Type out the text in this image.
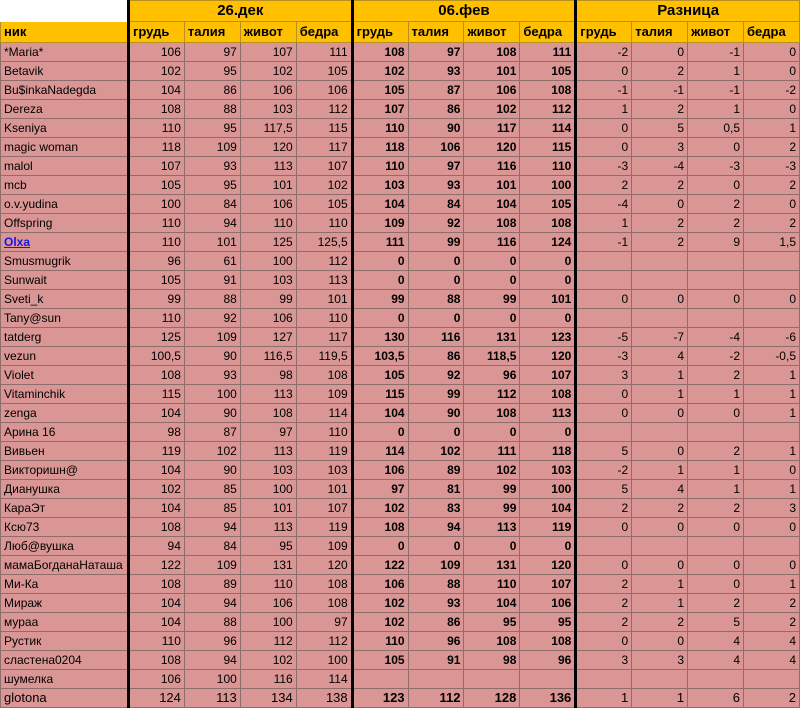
	26.дек				06.фев				Разница			
ник	грудь	талия	живот	бедра	грудь	талия	живот	бедра	грудь	талия	живот	бедра
*Maria*	106	97	107	111	108	97	108	111	-2	0	-1	0
Betavik	102	95	102	105	102	93	101	105	0	2	1	0
Bu$inkaNadegda	104	86	106	106	105	87	106	108	-1	-1	-1	-2
Dereza	108	88	103	112	107	86	102	112	1	2	1	0
Kseniya	110	95	117,5	115	110	90	117	114	0	5	0,5	1
magic woman	118	109	120	117	118	106	120	115	0	3	0	2
malol	107	93	113	107	110	97	116	110	-3	-4	-3	-3
mcb	105	95	101	102	103	93	101	100	2	2	0	2
o.v.yudina	100	84	106	105	104	84	104	105	-4	0	2	0
Offspring	110	94	110	110	109	92	108	108	1	2	2	2
Olxa	110	101	125	125,5	111	99	116	124	-1	2	9	1,5
Smusmugrik	96	61	100	112	0	0	0	0				
Sunwait	105	91	103	113	0	0	0	0				
Sveti_k	99	88	99	101	99	88	99	101	0	0	0	0
Tany@sun	110	92	106	110	0	0	0	0				
tatderg	125	109	127	117	130	116	131	123	-5	-7	-4	-6
vezun	100,5	90	116,5	119,5	103,5	86	118,5	120	-3	4	-2	-0,5
Violet	108	93	98	108	105	92	96	107	3	1	2	1
Vitaminchik	115	100	113	109	115	99	112	108	0	1	1	1
zenga	104	90	108	114	104	90	108	113	0	0	0	1
Арина 16	98	87	97	110	0	0	0	0				
Вивьен	119	102	113	119	114	102	111	118	5	0	2	1
Викторишн@	104	90	103	103	106	89	102	103	-2	1	1	0
Дианушка	102	85	100	101	97	81	99	100	5	4	1	1
КараЭт	104	85	101	107	102	83	99	104	2	2	2	3
Ксю73	108	94	113	119	108	94	113	119	0	0	0	0
Люб@вушка	94	84	95	109	0	0	0	0				
мамаБогданаНаташа	122	109	131	120	122	109	131	120	0	0	0	0
Ми-Ка	108	89	110	108	106	88	110	107	2	1	0	1
Мираж	104	94	106	108	102	93	104	106	2	1	2	2
мураа	104	88	100	97	102	86	95	95	2	2	5	2
Рустик	110	96	112	112	110	96	108	108	0	0	4	4
сластена0204	108	94	102	100	105	91	98	96	3	3	4	4
шумелка	106	100	116	114								
glotona	124	113	134	138	123	112	128	136	1	1	6	2
